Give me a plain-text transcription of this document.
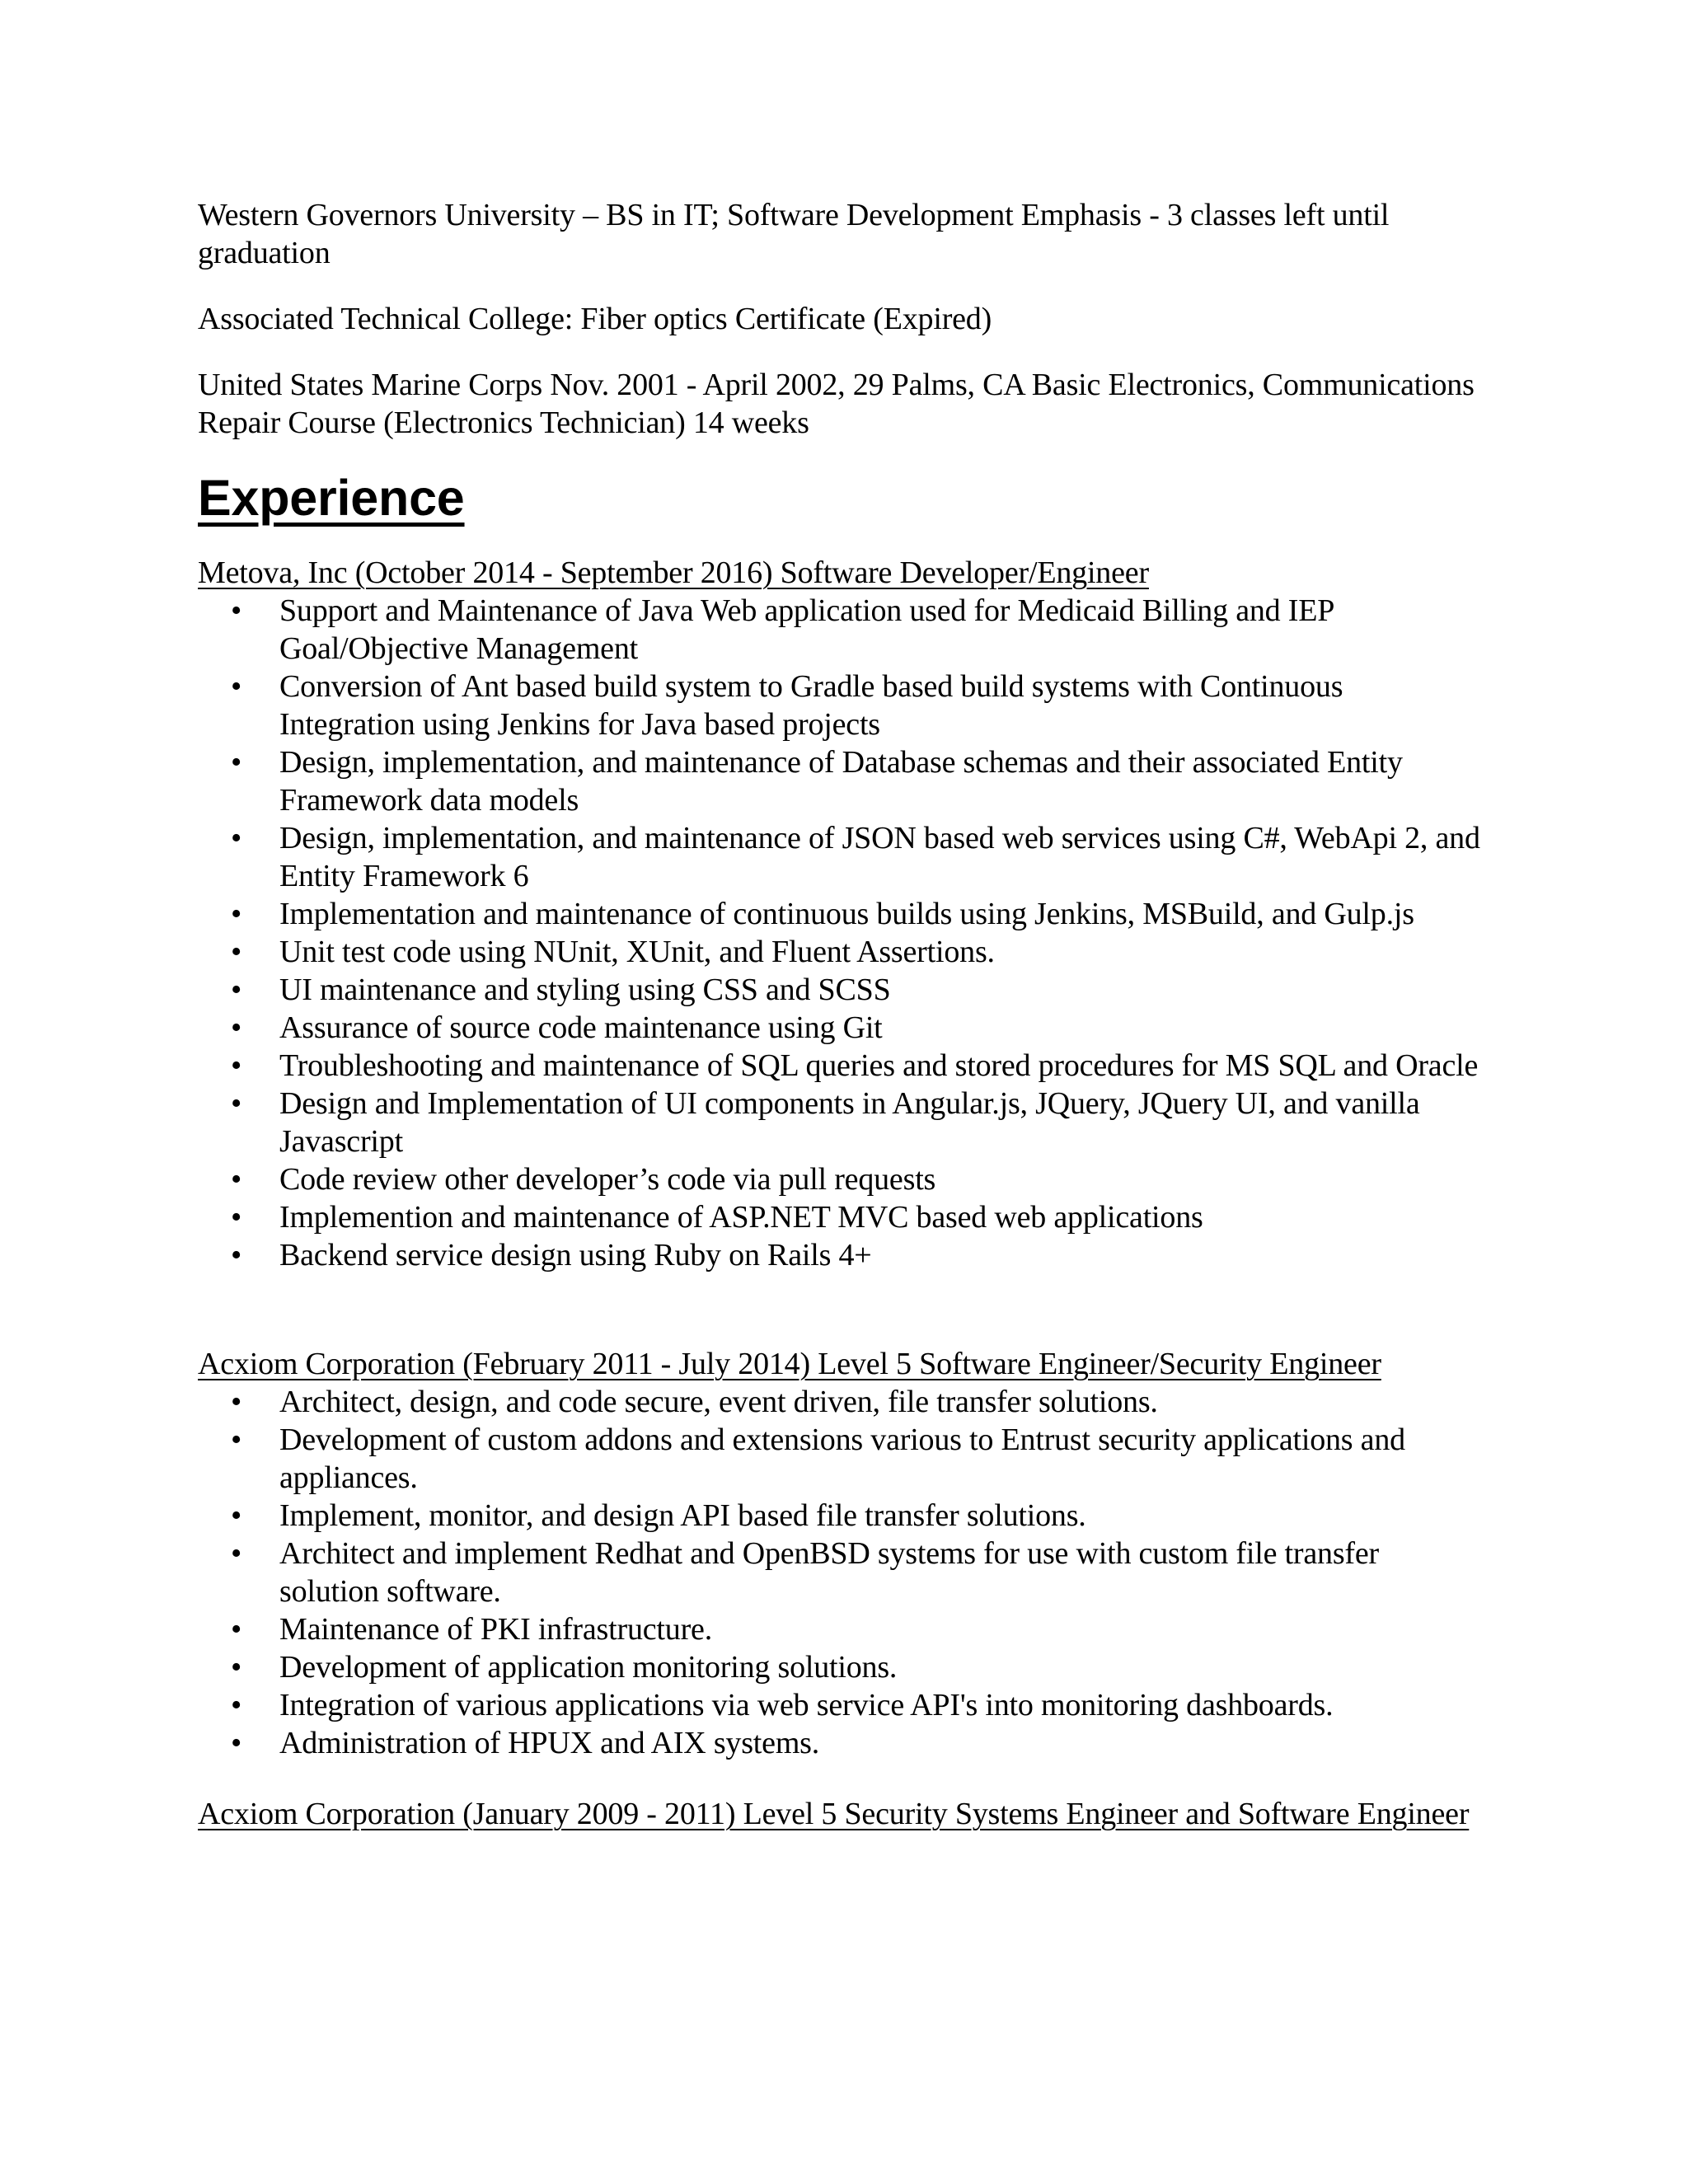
Western Governors University – BS in IT; Software Development Emphasis - 3 classes left until graduation

Associated Technical College: Fiber optics Certificate (Expired)

United States Marine Corps Nov. 2001 - April 2002, 29 Palms, CA Basic Electronics, Communications Repair Course (Electronics Technician) 14 weeks

Experience

Metova, Inc (October 2014 - September 2016) Software Developer/Engineer

• Support and Maintenance of Java Web application used for Medicaid Billing and IEP Goal/Objective Management
• Conversion of Ant based build system to Gradle based build systems with Continuous Integration using Jenkins for Java based projects
• Design, implementation, and maintenance of Database schemas and their associated Entity Framework data models
• Design, implementation, and maintenance of JSON based web services using C#, WebApi 2, and Entity Framework 6
• Implementation and maintenance of continuous builds using Jenkins, MSBuild, and Gulp.js
• Unit test code using NUnit, XUnit, and Fluent Assertions.
• UI maintenance and styling using CSS and SCSS
• Assurance of source code maintenance using Git
• Troubleshooting and maintenance of SQL queries and stored procedures for MS SQL and Oracle
• Design and Implementation of UI components in Angular.js, JQuery, JQuery UI, and vanilla Javascript
• Code review other developer’s code via pull requests
• Implemention and maintenance of ASP.NET MVC based web applications
• Backend service design using Ruby on Rails 4+

Acxiom Corporation (February 2011 - July 2014) Level 5 Software Engineer/Security Engineer

• Architect, design, and code secure, event driven, file transfer solutions.
• Development of custom addons and extensions various to Entrust security applications and appliances.
• Implement, monitor, and design API based file transfer solutions.
• Architect and implement Redhat and OpenBSD systems for use with custom file transfer solution software.
• Maintenance of PKI infrastructure.
• Development of application monitoring solutions.
• Integration of various applications via web service API's into monitoring dashboards.
• Administration of HPUX and AIX systems.

Acxiom Corporation (January 2009 - 2011) Level 5 Security Systems Engineer and Software Engineer
